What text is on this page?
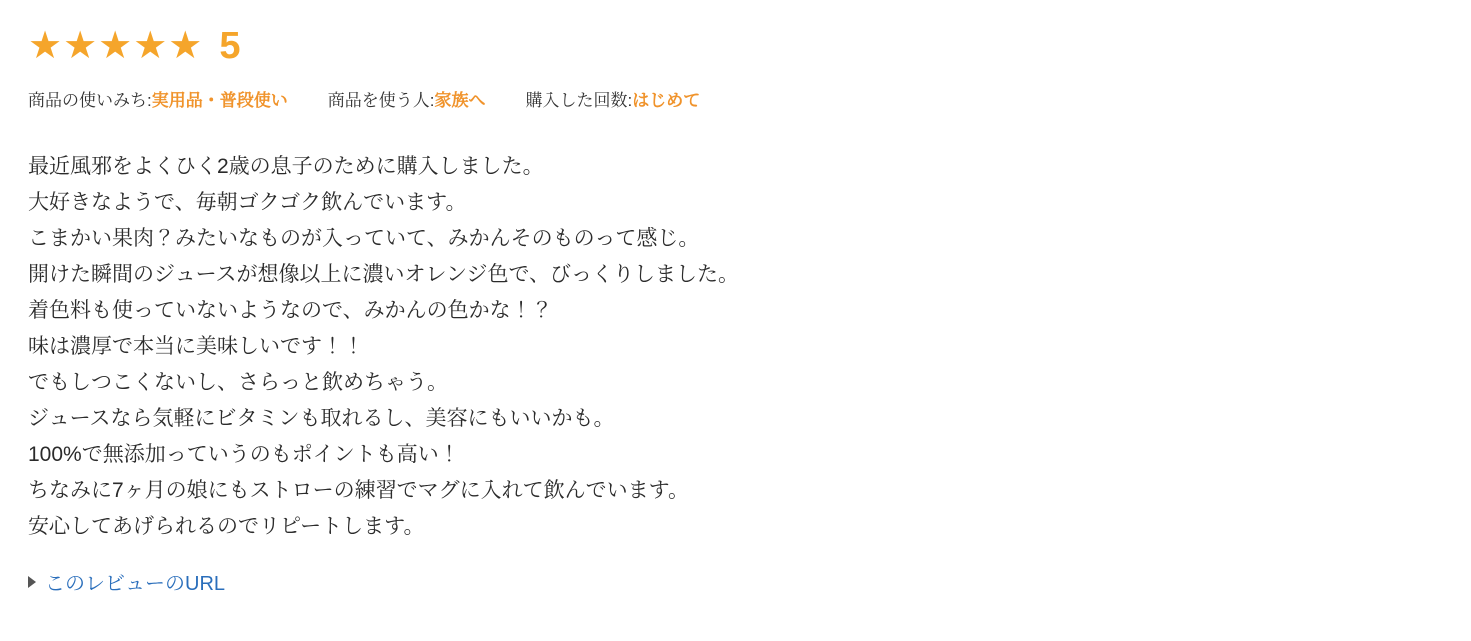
★★★★★ 5
商品の使いみち:実用品・普段使い 商品を使う人:家族へ 購入した回数:はじめて

最近風邪をよくひく2歳の息子のために購入しました。

大好きなようで、毎朝ゴクゴク飲んでいます。

こまかい果肉？みたいなものが入っていて、みかんそのものって感じ。

開けた瞬間のジュースが想像以上に濃いオレンジ色で、びっくりしました。

着色料も使っていないようなので、みかんの色かな！？

味は濃厚で本当に美味しいです！！

でもしつこくないし、さらっと飲めちゃう。

ジュースなら気軽にビタミンも取れるし、美容にもいいかも。

100%で無添加っていうのもポイントも高い！

ちなみに7ヶ月の娘にもストローの練習でマグに入れて飲んでいます。

安心してあげられるのでリピートします。

このレビューのURL
